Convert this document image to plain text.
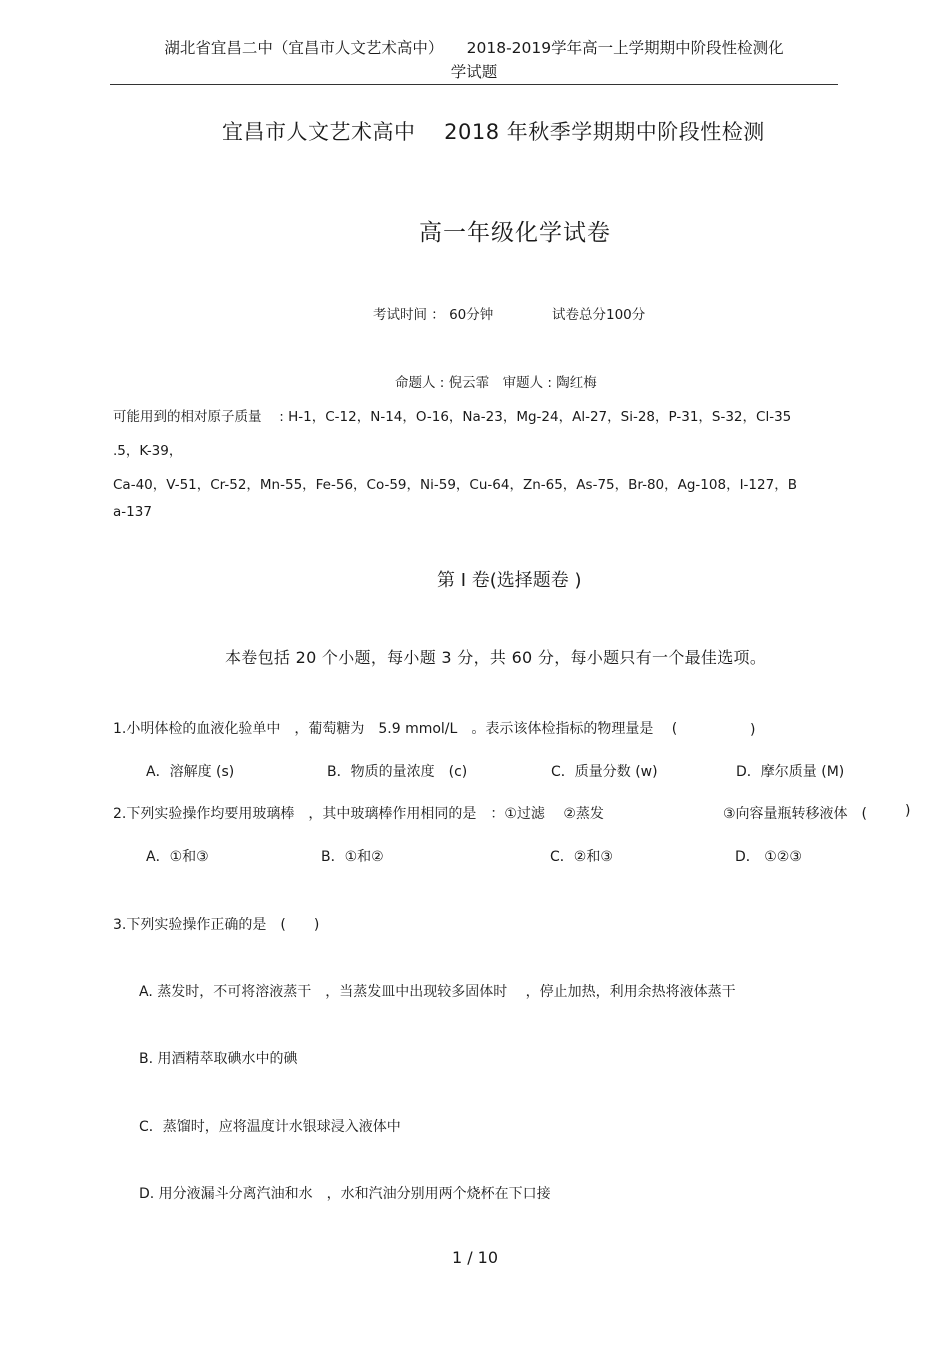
湖北省宜昌二中（宜昌市人文艺术高中）　　2018-2019学年高一上学期期中阶段性检测化
学试题
宜昌市人文艺术高中　 2018 年秋季学期期中阶段性检测
高一年级化学试卷
考试时间 ： 60分钟	试卷总分100分
命题人 : 倪云霏　审题人 : 陶红梅
可能用到的相对原子质量　 : H-1，C-12，N-14，O-16，Na-23，Mg-24，Al-27，Si-28，P-31，S-32，Cl-35
.5，K-39，
Ca-40，V-51，Cr-52，Mn-55，Fe-56，Co-59，Ni-59，Cu-64，Zn-65，As-75，Br-80，Ag-108，I-127，B
a-137
第 I 卷(选择题卷 )
本卷包括 20 个小题，每小题 3 分，共 60 分，每小题只有一个最佳选项。
1.小明体检的血液化验单中　，葡萄糖为　5.9 mmol/L　。表示该体检指标的物理量是　 (	)
A．溶解度 (s)	B．物质的量浓度　(c)	C．质量分数 (w)	D．摩尔质量 (M)
2.下列实验操作均要用玻璃棒　，其中玻璃棒作用相同的是　：①过滤　 ②蒸发	③向容量瓶转移液体　(	)
A．①和③	B．①和②	C．②和③	D． ①②③
3.下列实验操作正确的是　(　　)
A. 蒸发时，不可将溶液蒸干　，当蒸发皿中出现较多固体时　 ，停止加热，利用余热将液体蒸干
B. 用酒精萃取碘水中的碘
C．蒸馏时，应将温度计水银球浸入液体中
D. 用分液漏斗分离汽油和水　，水和汽油分别用两个烧杯在下口接
1 / 10
